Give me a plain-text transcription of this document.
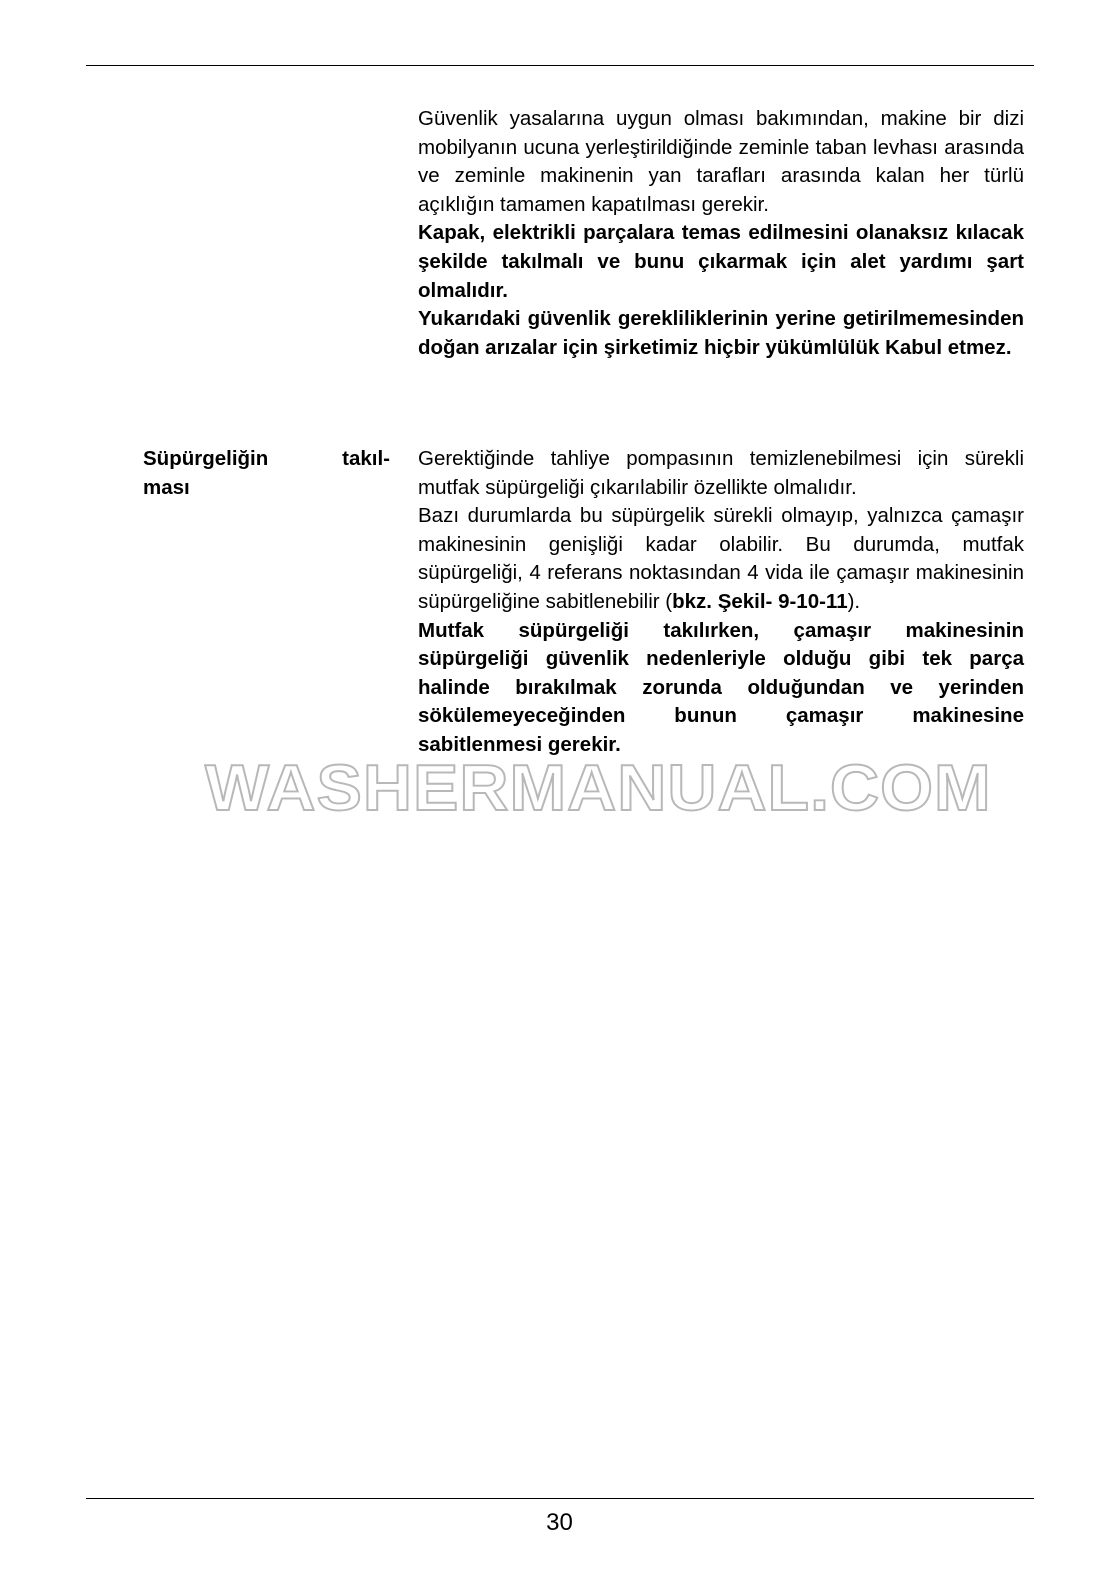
Güvenlik yasalarına uygun olması bakımından, makine bir dizi mobilyanın ucuna yerleştirildiğinde zeminle taban levhası arasında ve zeminle makinenin yan tarafları arasında kalan her türlü açıklığın tamamen kapatılması gerekir.

Kapak, elektrikli parçalara temas edilmesini olanaksız kılacak şekilde takılmalı ve bunu çıkarmak için alet yardımı şart olmalıdır.

Yukarıdaki güvenlik gerekliliklerinin yerine getirilmemesinden doğan arızalar için şirketimiz hiçbir yükümlülük Kabul etmez.

Süpürgeliğin takıl-
ması

Gerektiğinde tahliye pompasının temizlenebilmesi için sürekli mutfak süpürgeliği çıkarılabilir özellikte olmalıdır.

Bazı durumlarda bu süpürgelik sürekli olmayıp, yalnızca çamaşır makinesinin genişliği kadar olabilir. Bu durumda, mutfak süpürgeliği, 4 referans noktasından 4 vida ile çamaşır makinesinin süpürgeliğine sabitlenebilir (bkz. Şekil- 9-10-11).

Mutfak süpürgeliği takılırken, çamaşır makinesinin süpürgeliği güvenlik nedenleriyle olduğu gibi tek parça halinde bırakılmak zorunda olduğundan ve yerinden sökülemeyeceğinden bunun çamaşır makinesine sabitlenmesi gerekir.

WASHERMANUAL.COM
30
